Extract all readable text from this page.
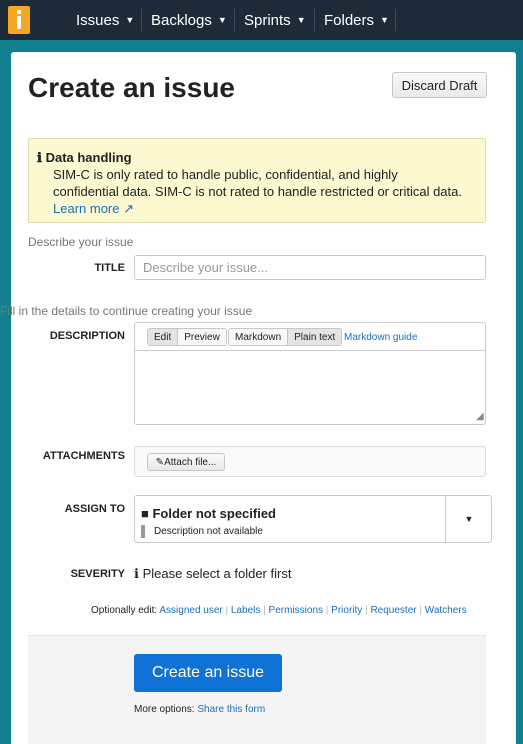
Issues ▼ Backlogs ▼ Sprints ▼ Folders ▼
Create an issue	Discard Draft
ℹ Data handling
SIM-C is only rated to handle public, confidential, and highly
confidential data. SIM-C is not rated to handle restricted or critical data.
Learn more ↗
Describe your issue
TITLE	Describe your issue...
Fill in the details to continue creating your issue
DESCRIPTION	Edit	Preview	Markdown	Plain text Markdown guide
◢
ATTACHMENTS	✎ Attach file...
ASSIGN TO ■ Folder not specified
Description not available
▼
SEVERITY ℹ Please select a folder first
Optionally edit: Assigned user | Labels | Permissions | Priority | Requester | Watchers
Create an issue
More options: Share this form
